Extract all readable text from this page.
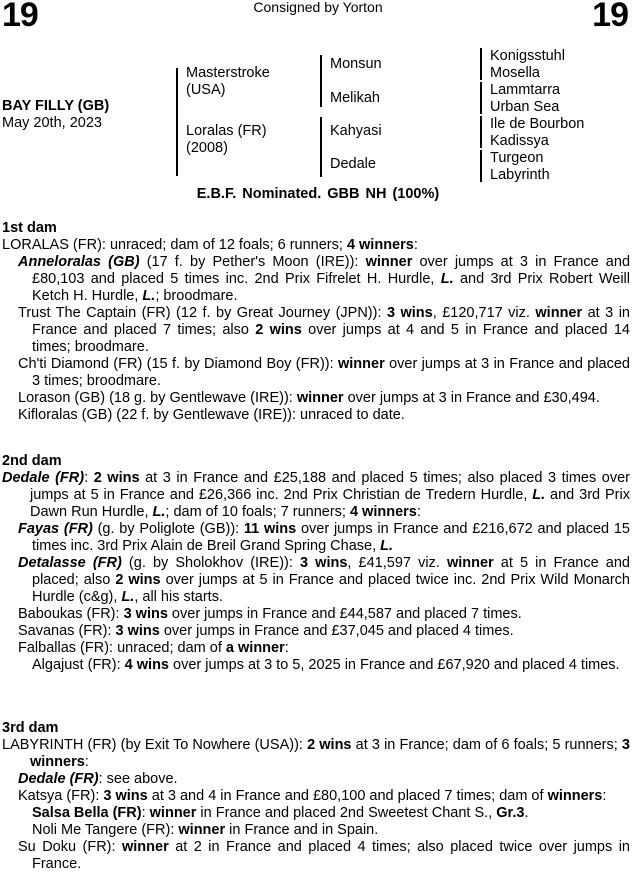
19	19
Consigned by Yorton
BAY FILLY (GB)
May 20th, 2023
Masterstroke
(USA)
Loralas (FR)
(2008)
Monsun
Melikah
Kahyasi
Dedale
Konigsstuhl
Mosella
Lammtarra
Urban Sea
Ile de Bourbon
Kadissya
Turgeon
Labyrinth
E.B.F. Nominated. GBB NH (100%)
1st dam
LORALAS (FR): unraced; dam of 12 foals; 6 runners; 4 winners:
Anneloralas (GB) (17 f. by Pether's Moon (IRE)): winner over jumps at 3 in France and £80,103 and placed 5 times inc. 2nd Prix Fifrelet H. Hurdle, L. and 3rd Prix Robert Weill Ketch H. Hurdle, L.; broodmare.
Trust The Captain (FR) (12 f. by Great Journey (JPN)): 3 wins, £120,717 viz. winner at 3 in France and placed 7 times; also 2 wins over jumps at 4 and 5 in France and placed 14 times; broodmare.
Ch'ti Diamond (FR) (15 f. by Diamond Boy (FR)): winner over jumps at 3 in France and placed 3 times; broodmare.
Lorason (GB) (18 g. by Gentlewave (IRE)): winner over jumps at 3 in France and £30,494.
Kifloralas (GB) (22 f. by Gentlewave (IRE)): unraced to date.
2nd dam
Dedale (FR): 2 wins at 3 in France and £25,188 and placed 5 times; also placed 3 times over jumps at 5 in France and £26,366 inc. 2nd Prix Christian de Tredern Hurdle, L. and 3rd Prix Dawn Run Hurdle, L.; dam of 10 foals; 7 runners; 4 winners:
Fayas (FR) (g. by Poliglote (GB)): 11 wins over jumps in France and £216,672 and placed 15 times inc. 3rd Prix Alain de Breil Grand Spring Chase, L.
Detalasse (FR) (g. by Sholokhov (IRE)): 3 wins, £41,597 viz. winner at 5 in France and placed; also 2 wins over jumps at 5 in France and placed twice inc. 2nd Prix Wild Monarch Hurdle (c&g), L., all his starts.
Baboukas (FR): 3 wins over jumps in France and £44,587 and placed 7 times.
Savanas (FR): 3 wins over jumps in France and £37,045 and placed 4 times.
Falballas (FR): unraced; dam of a winner:
Algajust (FR): 4 wins over jumps at 3 to 5, 2025 in France and £67,920 and placed 4 times.
3rd dam
LABYRINTH (FR) (by Exit To Nowhere (USA)): 2 wins at 3 in France; dam of 6 foals; 5 runners; 3 winners:
Dedale (FR): see above.
Katsya (FR): 3 wins at 3 and 4 in France and £80,100 and placed 7 times; dam of winners:
Salsa Bella (FR): winner in France and placed 2nd Sweetest Chant S., Gr.3.
Noli Me Tangere (FR): winner in France and in Spain.
Su Doku (FR): winner at 2 in France and placed 4 times; also placed twice over jumps in France.
